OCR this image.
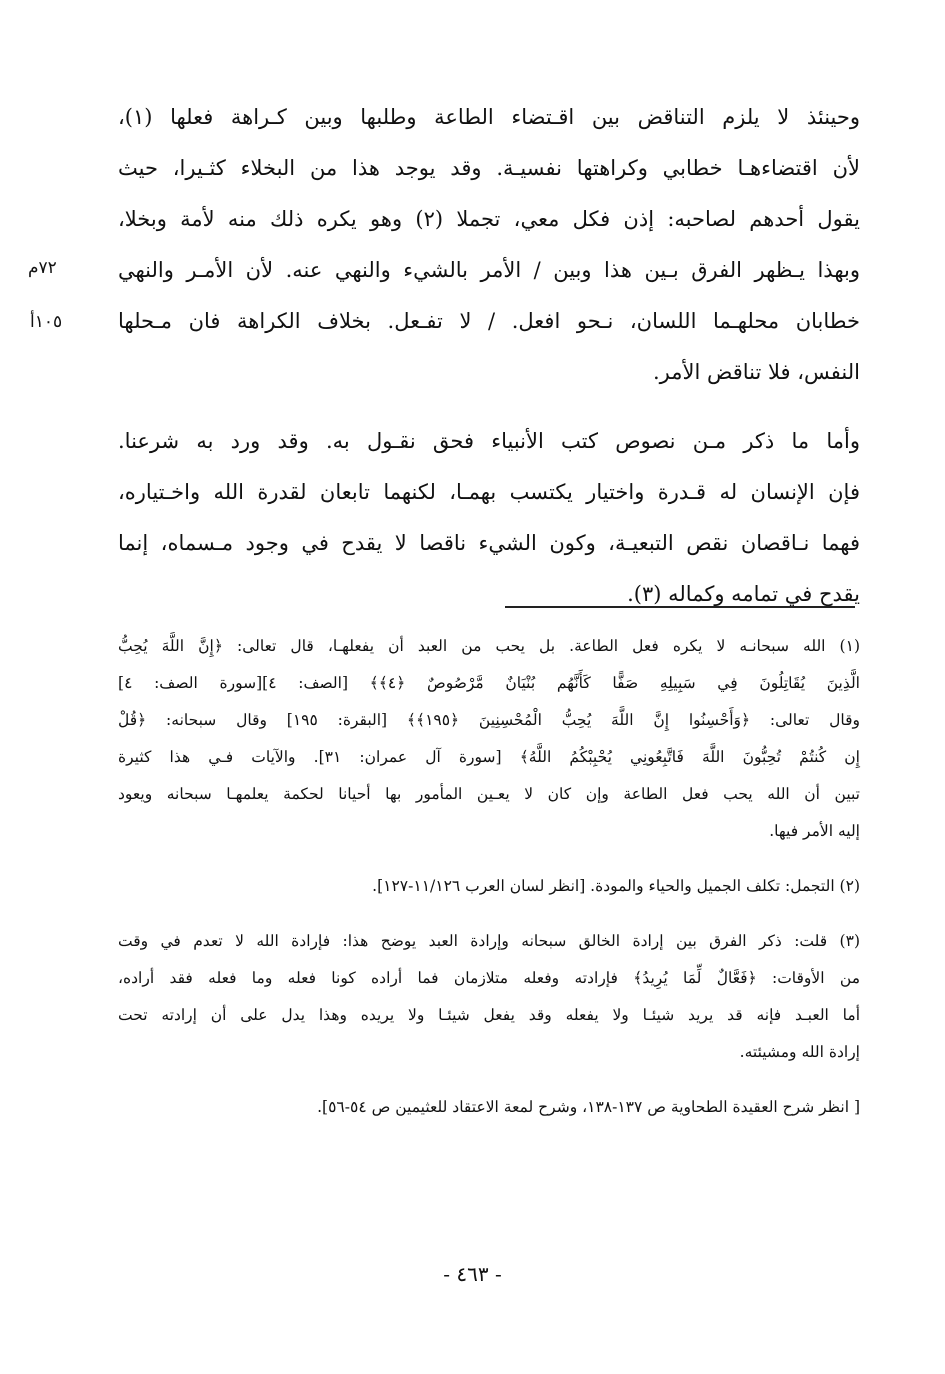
وحينئذ لا يلزم التناقض بين اقـتضاء الطاعة وطلبها وبين كـراهة فعلها (١)،
لأن اقتضاءهـا خطابي وكراهتها نفسيـة. وقد يوجد هذا من البخلاء كثـيرا، حيث
يقول أحدهم لصاحبه: إذن فكل معي، تجملا (٢) وهو يكره ذلك منه لأمة وبخلا،
وبهذا يـظهر الفرق بـين هذا وبين / الأمر بالشيء والنهي عنه. لأن الأمـر والنهي
خطابان محلهـما اللسان، نـحو افعل. / لا تفـعل. بخلاف الكراهة فان مـحلها
النفس، فلا تناقض الأمر.
وأما ما ذكر مـن نصوص كتب الأنبياء فحق نقـول به. وقد ورد به شرعنا.
فإن الإنسان له قـدرة واختيار يكتسب بهمـا، لكنهما تابعان لقدرة الله واخـتياره،
فهما نـاقصان نقص التبعيـة، وكون الشيء ناقصا لا يقدح في وجود مـسماه، إنما
يقدح في تمامه وكماله (٣).
٧٢م
١٠٥أ
(١) الله سبحانـه لا يكره فعل الطاعة. بل يحب من العبد أن يفعلهـا، قال تعالى: ﴿إِنَّ اللَّهَ يُحِبُّ
الَّذِينَ يُقَاتِلُونَ فِي سَبِيلِهِ صَفًّا كَأَنَّهُم بُنْيَانٌ مَّرْصُوصٌ ﴿٤﴾﴾ [الصف: ٤][سورة الصف: ٤]
وقال تعالى: ﴿وَأَحْسِنُوا إِنَّ اللَّهَ يُحِبُّ الْمُحْسِنِينَ ﴿١٩٥﴾﴾ [البقرة: ١٩٥] وقال سبحانه: ﴿قُلْ
إِن كُنتُمْ تُحِبُّونَ اللَّهَ فَاتَّبِعُونِي يُحْبِبْكُمُ اللَّهُ﴾ [سورة آل عمران: ٣١]. والآيات فـي هذا كثيرة
تبين أن الله يحب فعل الطاعة وإن كان لا يعـين المأمور بها أحيانا لحكمة يعلمهـا سبحانه ويعود
إليه الأمر فيها.
(٢) التجمل: تكلف الجميل والحياء والمودة. [انظر لسان العرب ١١/١٢٦-١٢٧].
(٣) قلت: ذكر الفرق بين إرادة الخالق سبحانه وإرادة العبد يوضح هذا: فإرادة الله لا تعدم في وقت
من الأوقات: ﴿فَعَّالٌ لِّمَا يُرِيدُ﴾ فإرادته وفعله متلازمان فما أراده كونا فعله وما فعله فقد أراده،
أما العبـد فإنه قد يريد شيئـا ولا يفعله وقد يفعل شيئـا ولا يريده وهذا يدل على أن إرادته تحت
إرادة الله ومشيئته.
[ انظر شرح العقيدة الطحاوية ص ١٣٧-١٣٨، وشرح لمعة الاعتقاد للعثيمين ص ٥٤-٥٦].
- ٤٦٣ -
